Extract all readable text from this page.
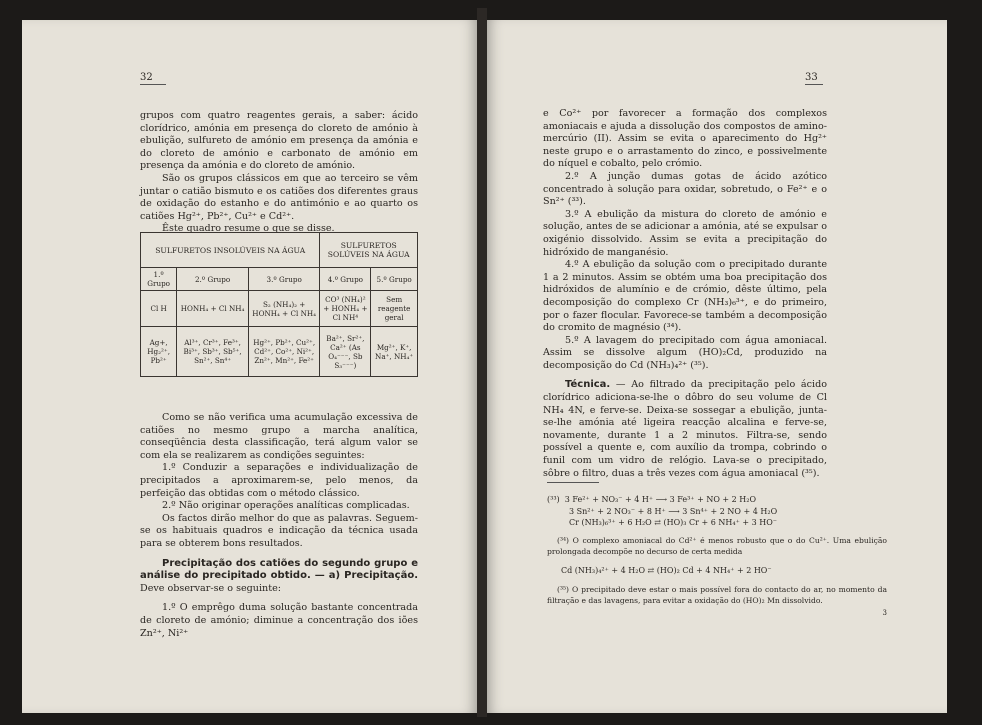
32

grupos com quatro reagentes gerais, a saber: ácido clorídrico, amónia em presença do cloreto de amónio à ebulição, sulfureto de amónio em presença da amónia e do cloreto de amónio e carbonato de amónio em presença da amónia e do cloreto de amónio.

São os grupos clássicos em que ao terceiro se vêm juntar o catião bismuto e os catiões dos diferentes graus de oxidação do estanho e do antimónio e ao quarto os catiões Hg²⁺, Pb²⁺, Cu²⁺ e Cd²⁺.

Êste quadro resume o que se disse.

SULFURETOS INSOLÚVEIS NA ÁGUA			SULFURETOS SOLÚVEIS NA ÁGUA	
1.º Grupo	2.º Grupo	3.º Grupo	4.º Grupo	5.º Grupo
Cl H	HONH₄ + Cl NH₄	S₂ (NH₄)₂ + HONH₄ + Cl NH₄	CO³ (NH₄)² + HONH₄ + Cl NH⁴	Sem reagente geral
Ag+, Hg₂²⁺, Pb²⁺	Al³⁺, Cr³⁺, Fe³⁺, Bi³⁺, Sb³⁺, Sb⁵⁺, Sn²⁺, Sn⁴⁺	Hg²⁺, Pb²⁺, Cu²⁺, Cd²⁺, Co²⁺, Ni²⁺, Zn²⁺, Mn²⁺, Fe²⁺	Ba²⁺, Sr²⁺, Ca²⁺ (As O₄⁻⁻⁻, Sb S₃⁻⁻⁻)	Mg²⁺, K⁺, Na⁺, NH₄⁺

Como se não verifica uma acumulação excessiva de catiões no mesmo grupo a marcha analítica, conseqüência desta classificação, terá algum valor se com ela se realizarem as condições seguintes:

1.º Conduzir a separações e individualização de precipitados a aproximarem-se, pelo menos, da perfeição das obtidas com o método clássico.

2.º Não originar operações analíticas complicadas.

Os factos dirão melhor do que as palavras. Seguem-se os habituais quadros e indicação da técnica usada para se obterem bons resultados.

Precipitação dos catiões do segundo grupo e análise do precipitado obtido. — a) Precipitação. Deve observar-se o seguinte:

1.º O emprêgo duma solução bastante concentrada de cloreto de amónio; diminue a concentração dos iões Zn²⁺, Ni²⁺

33

e Co²⁺ por favorecer a formação dos complexos amoniacais e ajuda a dissolução dos compostos de amino-mercúrio (II). Assim se evita o aparecimento do Hg²⁺ neste grupo e o arrastamento do zinco, e possivelmente do níquel e cobalto, pelo crómio.

2.º A junção dumas gotas de ácido azótico concentrado à solução para oxidar, sobretudo, o Fe²⁺ e o Sn²⁺ (³³).

3.º A ebulição da mistura do cloreto de amónio e solução, antes de se adicionar a amónia, até se expulsar o oxigénio dissolvido. Assim se evita a precipitação do hidróxido de manganésio.

4.º A ebulição da solução com o precipitado durante 1 a 2 minutos. Assim se obtém uma boa precipitação dos hidróxidos de alumínio e de crómio, dêste último, pela decomposição do complexo Cr (NH₃)₆³⁺, e do primeiro, por o fazer flocular. Favorece-se também a decomposição do cromito de magnésio (³⁴).

5.º A lavagem do precipitado com água amoniacal. Assim se dissolve algum (HO)₂Cd, produzido na decomposição do Cd (NH₃)₄²⁺ (³⁵).

Técnica. — Ao filtrado da precipitação pelo ácido clorídrico adiciona-se-lhe o dôbro do seu volume de Cl NH₄ 4N, e ferve-se. Deixa-se sossegar a ebulição, junta-se-lhe amónia até ligeira reacção alcalina e ferve-se, novamente, durante 1 a 2 minutos. Filtra-se, sendo possível a quente e, com auxílio da trompa, cobrindo o funil com um vidro de relógio. Lava-se o precipitado, sôbre o filtro, duas a três vezes com água amoniacal (³⁵).

(³³) 3 Fe²⁺ + NO₃⁻ + 4 H⁺ ⟶ 3 Fe³⁺ + NO + 2 H₂O

3 Sn²⁺ + 2 NO₃⁻ + 8 H⁺ ⟶ 3 Sn⁴⁺ + 2 NO + 4 H₂O

Cr (NH₃)₆³⁺ + 6 H₂O ⇄ (HO)₃ Cr + 6 NH₄⁺ + 3 HO⁻

(³⁴) O complexo amoniacal do Cd²⁺ é menos robusto que o do Cu²⁺. Uma ebulição prolongada decompõe no decurso de certa medida

Cd (NH₃)₄²⁺ + 4 H₂O ⇄ (HO)₂ Cd + 4 NH₄⁺ + 2 HO⁻

(³⁵) O precipitado deve estar o mais possível fora do contacto do ar, no momento da filtração e das lavagens, para evitar a oxidação do (HO)₂ Mn dissolvido.

3
